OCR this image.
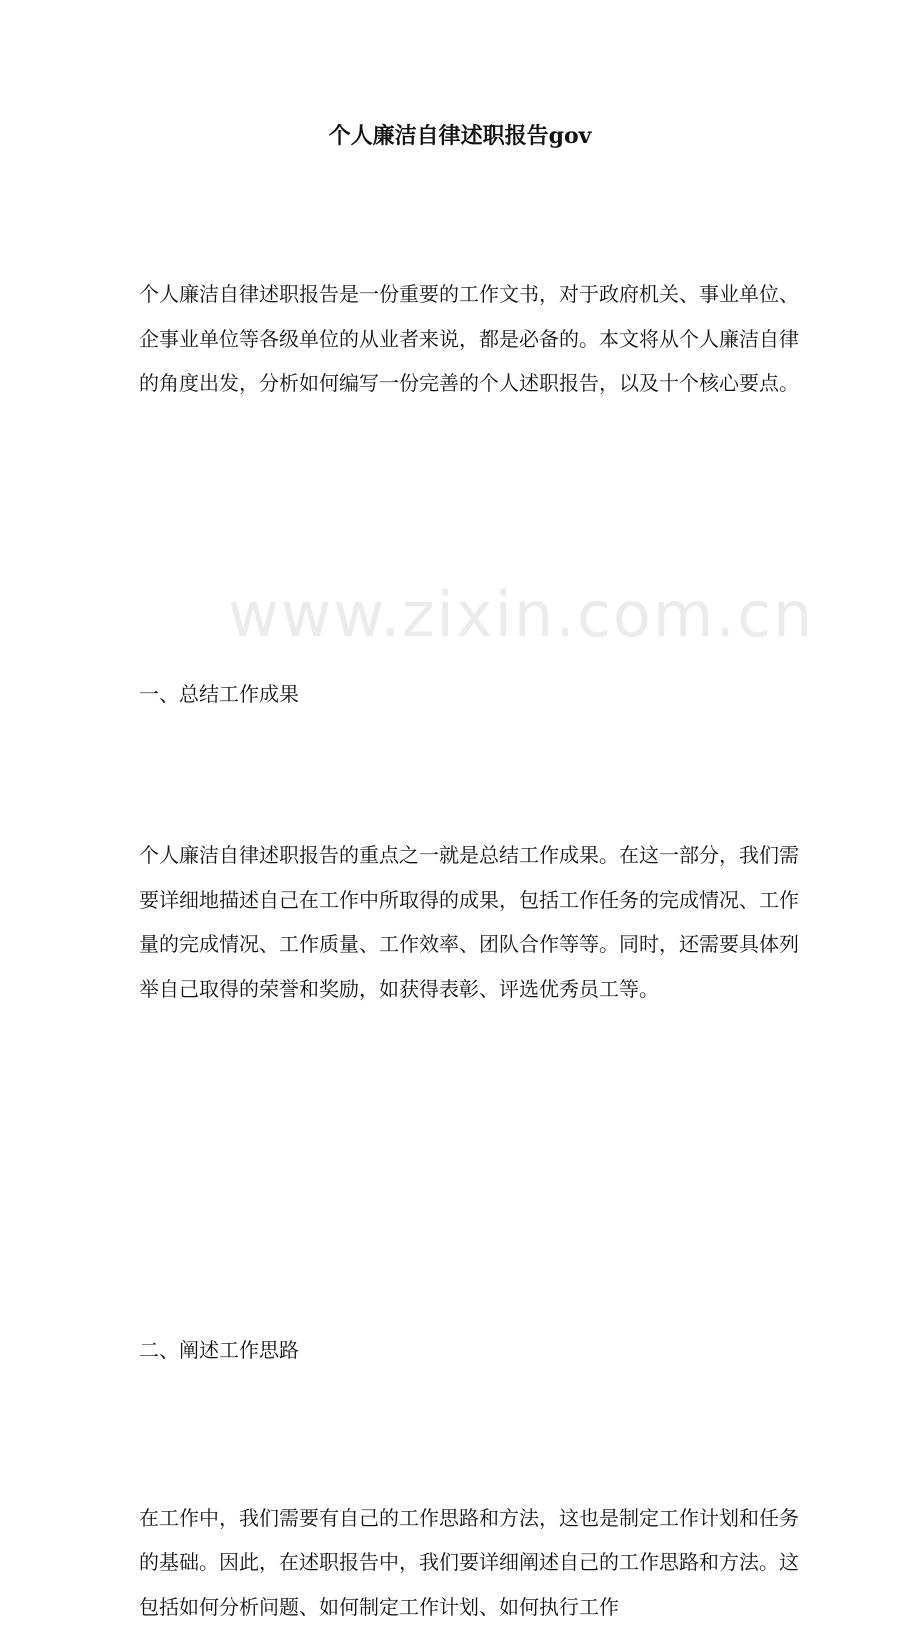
www.zixin.com.cn
个人廉洁自律述职报告gov

个人廉洁自律述职报告是一份重要的工作文书，对于政府机关、事业单位、企事业单位等各级单位的从业者来说，都是必备的。本文将从个人廉洁自律的角度出发，分析如何编写一份完善的个人述职报告，以及十个核心要点。

一、总结工作成果

个人廉洁自律述职报告的重点之一就是总结工作成果。在这一部分，我们需要详细地描述自己在工作中所取得的成果，包括工作任务的完成情况、工作量的完成情况、工作质量、工作效率、团队合作等等。同时，还需要具体列举自己取得的荣誉和奖励，如获得表彰、评选优秀员工等。

二、阐述工作思路

在工作中，我们需要有自己的工作思路和方法，这也是制定工作计划和任务的基础。因此，在述职报告中，我们要详细阐述自己的工作思路和方法。这包括如何分析问题、如何制定工作计划、如何执行工作
